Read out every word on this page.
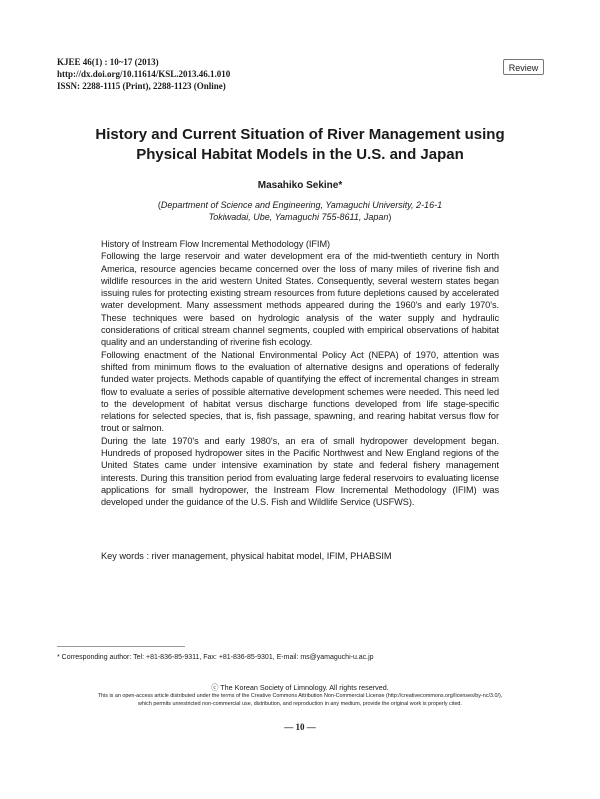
KJEE 46(1) : 10~17 (2013)
http://dx.doi.org/10.11614/KSL.2013.46.1.010
ISSN: 2288-1115 (Print), 2288-1123 (Online)
Review
History and Current Situation of River Management using
Physical Habitat Models in the U.S. and Japan
Masahiko Sekine*
(Department of Science and Engineering, Yamaguchi University, 2-16-1
Tokiwadai, Ube, Yamaguchi 755-8611, Japan)

History of Instream Flow Incremental Methodology (IFIM)

Following the large reservoir and water development era of the mid-twentieth century in North America, resource agencies became concerned over the loss of many miles of riverine fish and wildlife resources in the arid western United States. Consequently, several western states began issuing rules for protecting existing stream resources from future depletions caused by accelerated water development. Many assessment methods appeared during the 1960's and early 1970's. These techniques were based on hydrologic analysis of the water supply and hydraulic considerations of critical stream channel segments, coupled with empirical observations of habitat quality and an understanding of riverine fish ecology.

Following enactment of the National Environmental Policy Act (NEPA) of 1970, attention was shifted from minimum flows to the evaluation of alternative designs and operations of federally funded water projects. Methods capable of quantifying the effect of incremental changes in stream flow to evaluate a series of possible alternative development schemes were needed. This need led to the development of habitat versus discharge functions developed from life stage-specific relations for selected species, that is, fish passage, spawning, and rearing habitat versus flow for trout or salmon.

During the late 1970's and early 1980's, an era of small hydropower development began. Hundreds of proposed hydropower sites in the Pacific Northwest and New England regions of the United States came under intensive examination by state and federal fishery management interests. During this transition period from evaluating large federal reservoirs to evaluating license applications for small hydropower, the Instream Flow Incremental Methodology (IFIM) was developed under the guidance of the U.S. Fish and Wildlife Service (USFWS).

Key words : river management, physical habitat model, IFIM, PHABSIM
* Corresponding author: Tel: +81-836-85-9311, Fax: +81-836-85-9301, E-mail: ms@yamaguchi-u.ac.jp
ⓒ The Korean Society of Limnology. All rights reserved.
This is an open-access article distributed under the terms of the Creative Commons Attribution Non-Commercial License (http://creativecommons.org/licenses/by-nc/3.0/),
which permits unrestricted non-commercial use, distribution, and reproduction in any medium, provide the original work is properly cited.
— 10 —
